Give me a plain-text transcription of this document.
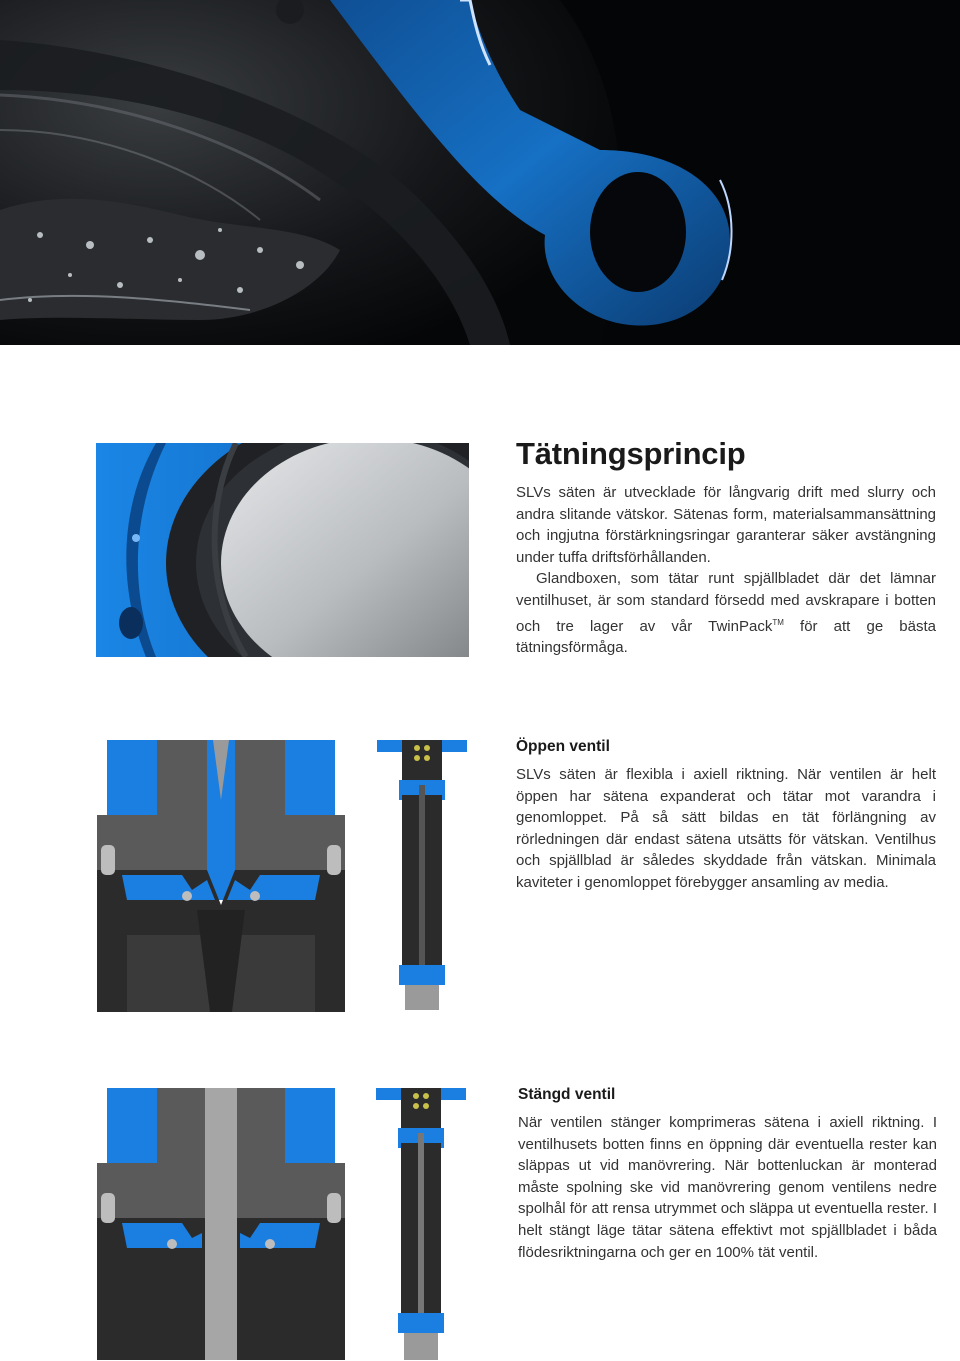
Tätningsprincip

SLVs säten är utvecklade för långvarig drift med slurry och andra slitande vätskor. Sätenas form, materialsammansättning och ingjutna förstärkningsringar garanterar säker avstängning under tuffa driftsförhållanden.

Glandboxen, som tätar runt spjällbladet där det lämnar ventilhuset, är som standard försedd med avskrapare i botten och tre lager av vår TwinPack™ för att ge bästa tätningsförmåga.

Öppen ventil
SLVs säten är flexibla i axiell riktning. När ventilen är helt öppen har sätena expanderat och tätar mot varandra i genomloppet. På så sätt bildas en tät förlängning av rörledningen där endast sätena utsätts för vätskan. Ventilhus och spjällblad är således skyddade från vätskan. Minimala kaviteter i genomloppet förebygger ansamling av media.
Stängd ventil
När ventilen stänger komprimeras sätena i axiell riktning. I ventilhusets botten finns en öppning där eventuella rester kan släppas ut vid manövrering. När bottenluckan är monterad måste spolning ske vid manövrering genom ventilens nedre spolhål för att rensa utrymmet och släppa ut eventuella rester. I helt stängt läge tätar sätena effektivt mot spjällbladet i båda flödesriktningarna och ger en 100% tät ventil.
